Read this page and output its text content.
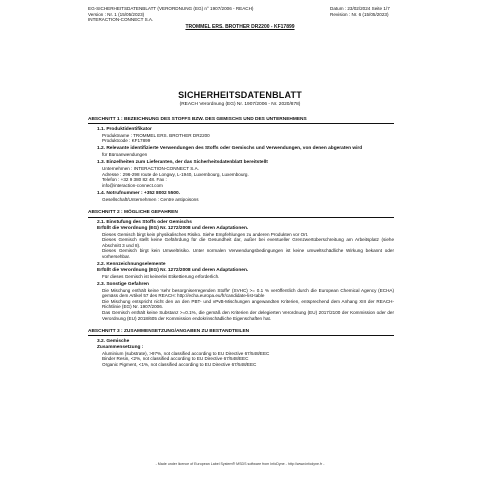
EG-SICHERHEITSDATENBLATT (VERORDNUNG (EG) n° 1907/2006 - REACH)
Version : Nr. 1 (15/05/2023)
INTERACTION-CONNECT S.A.
Datum : 23/02/2024 Seite 1/7
Revision : Nr. 6 (15/05/2023)
TROMMEL ERS. BROTHER DR2200 - KF17899
SICHERHEITSDATENBLATT
(REACH Verordnung (EG) Nr. 1907/2006 - Nr. 2020/878)
ABSCHNITT 1 : BEZEICHNUNG DES STOFFS BZW. DES GEMISCHS UND DES UNTERNEHMENS
1.1. Produktidentifikator
Produktname : TROMMEL ERS. BROTHER DR2200
Produktcode : KF17899
1.2. Relevante identifizierte Verwendungen des Stoffs oder Gemischs und Verwendungen, von denen abgeraten wird
für Büroanwendungen
1.3. Einzelheiten zum Lieferanten, der das Sicherheitsdatenblatt bereitstellt
Unternehmen : INTERACTION-CONNECT S.A.
Adresse : 296-298 route de Longwy, L-1940, Luxembourg, Luxembourg.
Telefon : +32 9 380 82 48. Fax :
info@interaction-connect.com
1.4. Notrufnummer : +352 8002 5500.
Gesellschaft/Unternehmen : Centre antipoisons
ABSCHNITT 2 : MÖGLICHE GEFAHREN
2.1. Einstufung des Stoffs oder Gemischs
Erfüllt die Verordnung (EG) Nr. 1272/2008 und deren Adaptationen.
Dieses Gemisch birgt kein physikalisches Risiko. Siehe Empfehlungen zu anderen Produkten vor Ort.
Dieses Gemisch stellt keine Gefährdung für die Gesundheit dar, außer bei eventueller Grenzwertüberschreitung am Arbeitsplatz (siehe Abschnitt 3 und 8).
Dieses Gemisch birgt kein Umweltrisiko. Unter normalen Verwendungsbedingungen ist keine umweltschädliche Wirkung bekannt oder vorhersehbar.
2.2. Kennzeichnungselemente
Erfüllt die Verordnung (EG) Nr. 1272/2008 und deren Adaptationen.
Für dieses Gemisch ist keinerlei Etikettierung erforderlich.
2.3. Sonstige Gefahren
Die Mischung enthält keine 'sehr besorgniserregenden Stoffe' (SVHC) >= 0.1 % veröffentlich durch die European Chemical Agency (ECHA) gemäss dem Artikel 57 des REACH: http://echa.europa.eu/fr/candidate-list-table
Die Mischung entspricht nicht den an den PBT- und vPvB-Mischungen angewandten Kriterien, entsprechend dem Anhang XIII der REACH-Richtlinie (EG) Nr. 1907/2006.
Das Gemisch enthält keine Substanz >=0.1%, die gemäß den Kriterien der delegierten Verordnung (EU) 2017/2100 der Kommission oder der Verordnung (EU) 2018/605 der Kommission endokrinschädliche Eigenschaften hat.
ABSCHNITT 3 : ZUSAMMENSETZUNG/ANGABEN ZU BESTANDTEILEN
3.2. Gemische
Zusammensetzung :
Aluminium (substrate), >97%, not classified according to EU Directive 67/548/EEC
Binder Resin, <2%, not classified according to EU Directive 67/548/EEC
Organic Pigment, <1%, not classified according to EU Directive 67/548/EEC
- Made under licence of European Label System® MSDS software from InfoDyne - http://www.infodyne.fr -
